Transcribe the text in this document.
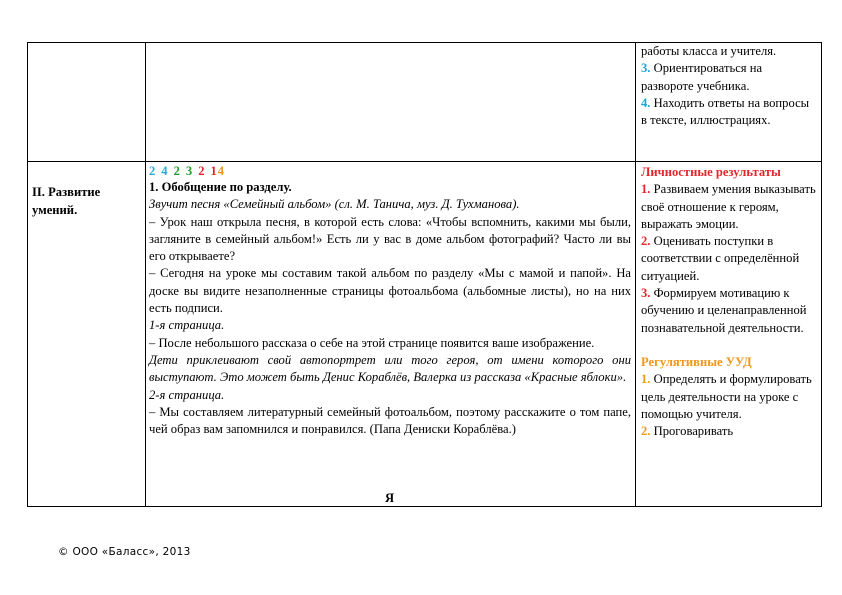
работы класса и учителя.

3. Ориентироваться на развороте учебника.

4. Находить ответы на вопросы в тексте, иллюстрациях.

II. Развитие умений.
2 4 2 3 2 14

1. Обобщение по разделу.

Звучит песня «Семейный альбом» (сл. М. Танича, муз. Д. Тухманова).

– Урок наш открыла песня, в которой есть слова: «Чтобы вспомнить, какими мы были, загляните в семейный альбом!» Есть ли у вас в доме альбом фотографий? Часто ли вы его открываете?

– Сегодня на уроке мы составим такой альбом по разделу «Мы с мамой и папой». На доске вы видите незаполненные страницы фотоальбома (альбомные листы), но на них есть подписи.

1-я страница.

– После небольшого рассказа о себе на этой странице появится ваше изображение.

Дети приклеивают свой автопортрет или того героя, от имени которого они выступают. Это может быть Денис Кораблёв, Валерка из рассказа «Красные яблоки».

2-я страница.

– Мы составляем литературный семейный фотоальбом, поэтому расскажите о том папе, чей образ вам запомнился и понравился. (Папа Дениски Кораблёва.)

Личностные результаты

1. Развиваем умения выказывать своё отношение к героям, выражать эмоции.

2. Оценивать поступки в соответствии с определённой ситуацией.

3. Формируем мотивацию к обучению и целенаправленной познавательной деятельности.

Регулятивные УУД

1. Определять и формулировать цель деятельности на уроке с помощью учителя.

2. Проговаривать

Я
© ООО «Баласс», 2013
